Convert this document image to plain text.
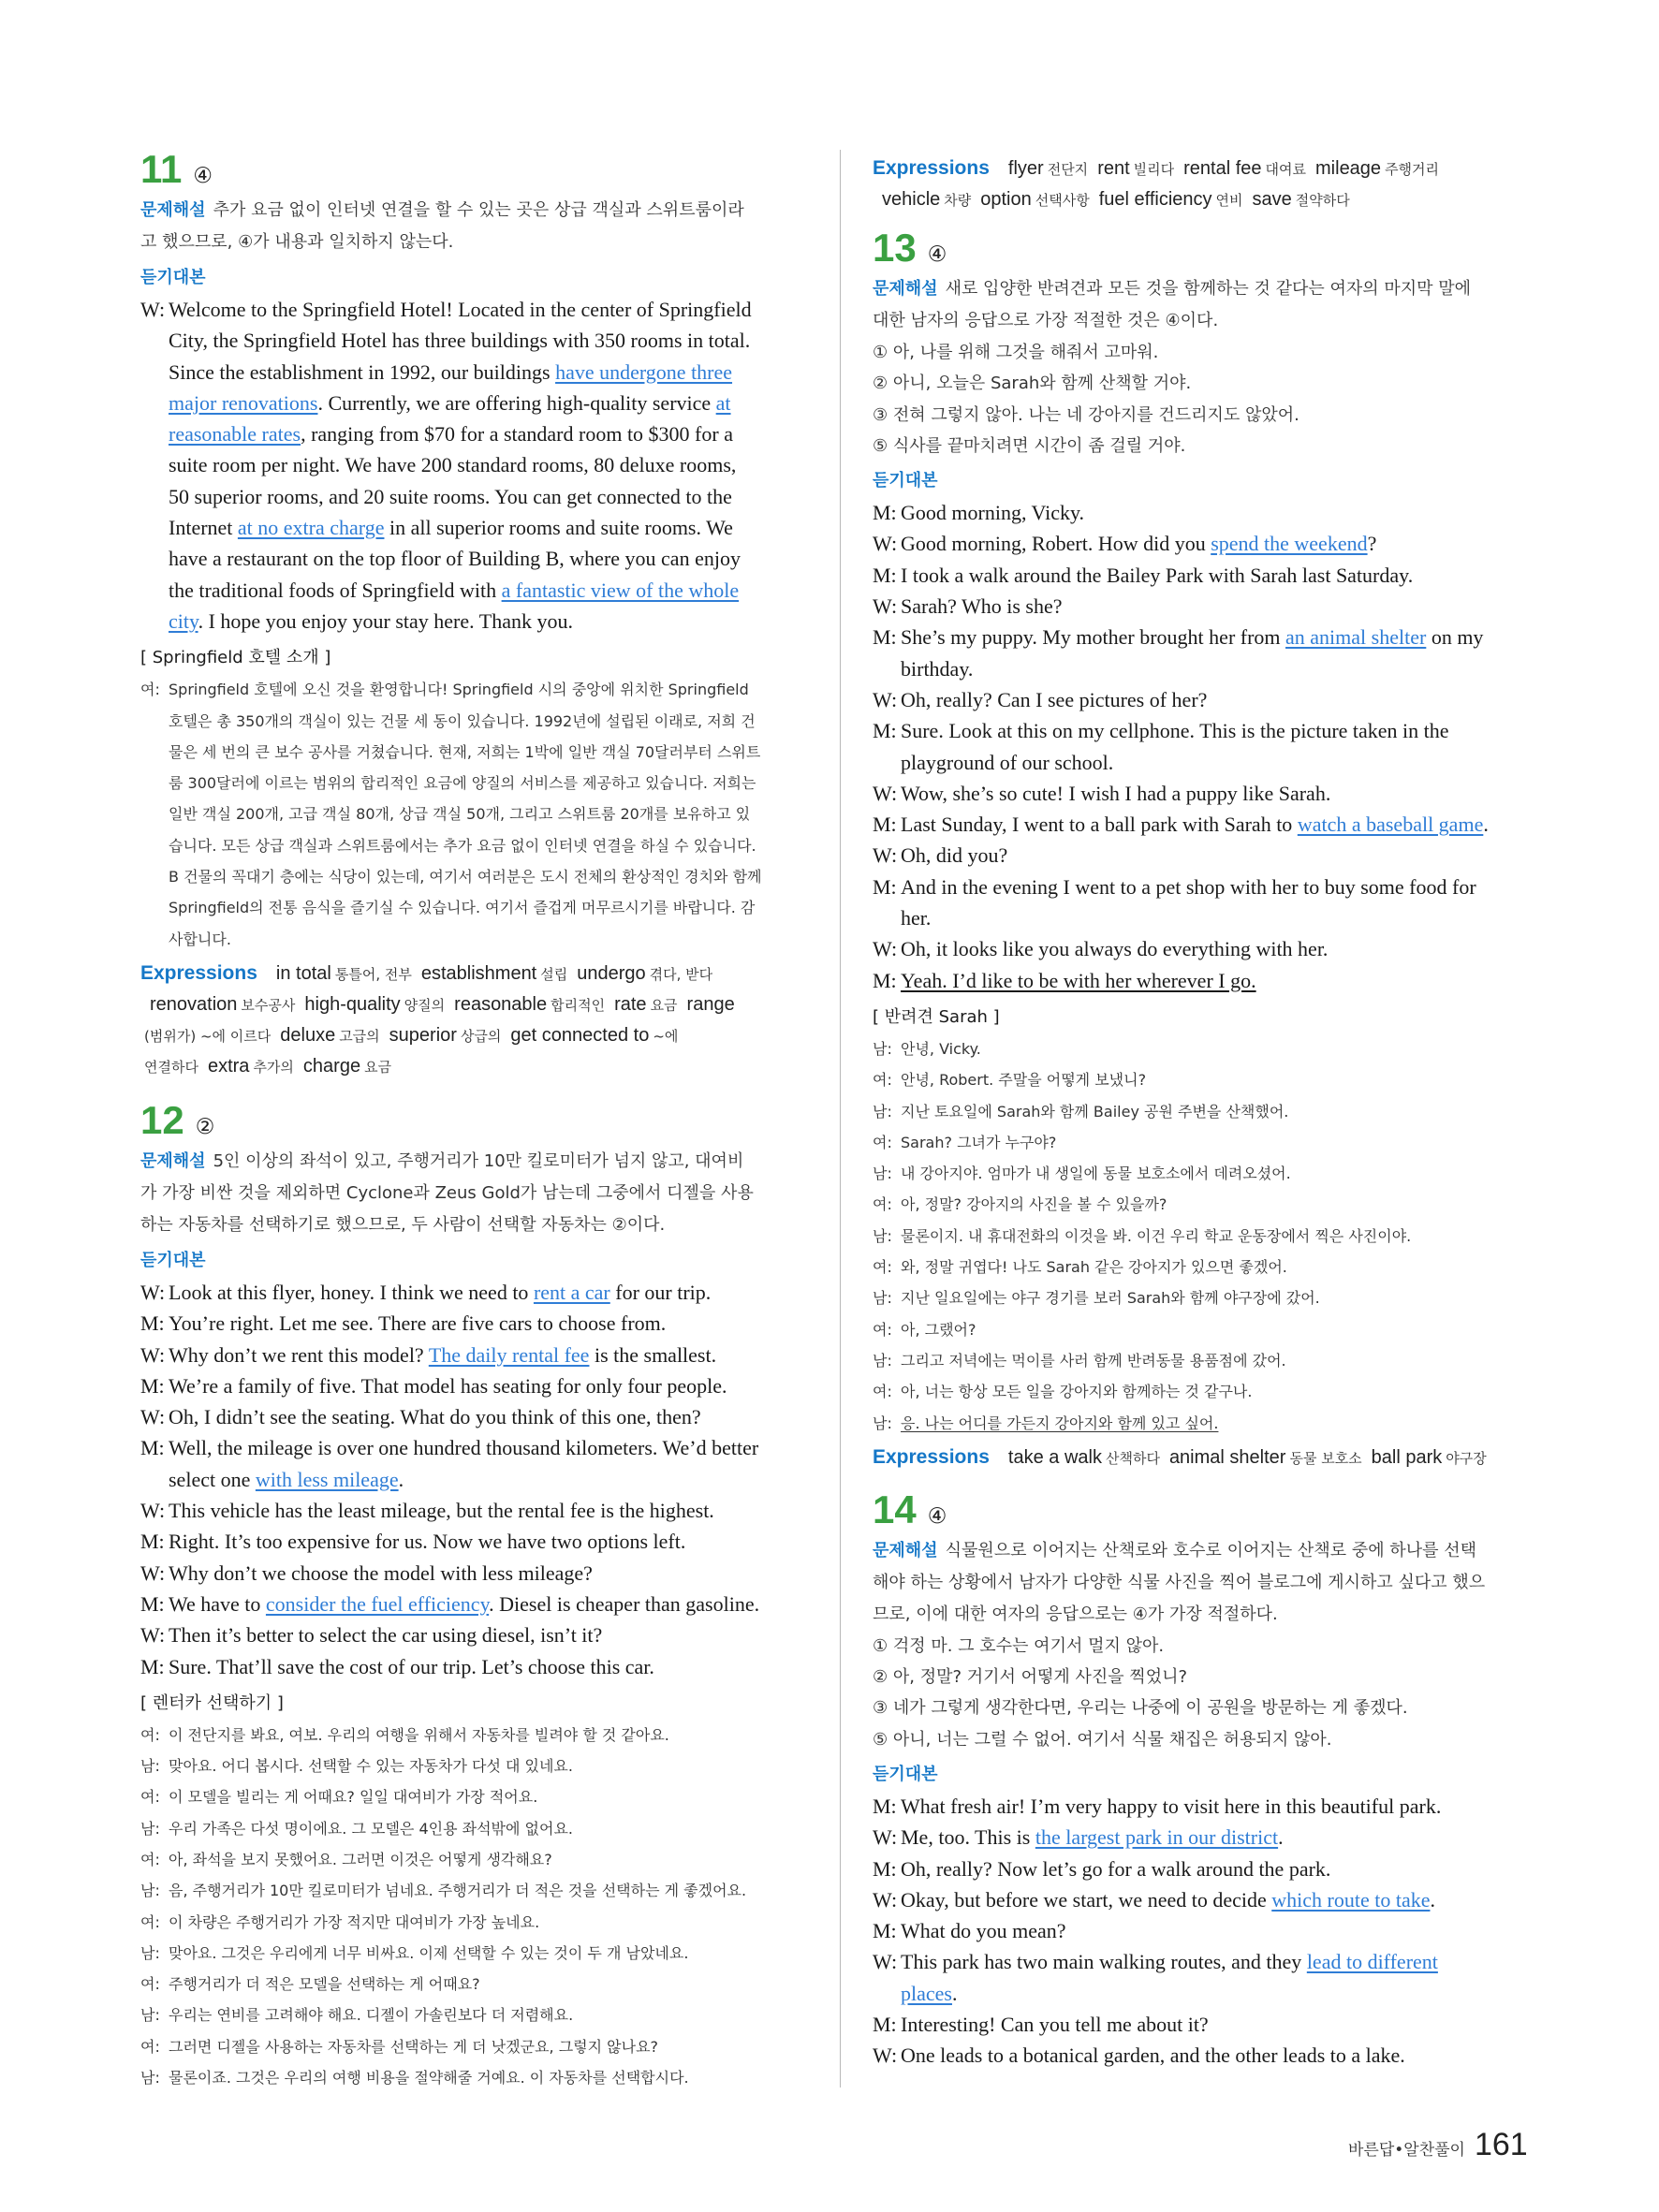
11 ④

문제해설 추가 요금 없이 인터넷 연결을 할 수 있는 곳은 상급 객실과 스위트룸이라

고 했으므로, ④가 내용과 일치하지 않는다.

듣기대본
W: Welcome to the Springfield Hotel! Located in the center of Springfield
City, the Springfield Hotel has three buildings with 350 rooms in total.
Since the establishment in 1992, our buildings have undergone three
major renovations. Currently, we are offering high-quality service at
reasonable rates, ranging from $70 for a standard room to $300 for a
suite room per night. We have 200 standard rooms, 80 deluxe rooms,
50 superior rooms, and 20 suite rooms. You can get connected to the
Internet at no extra charge in all superior rooms and suite rooms. We
have a restaurant on the top floor of Building B, where you can enjoy
the traditional foods of Springfield with a fantastic view of the whole
city. I hope you enjoy your stay here. Thank you.
[ Springfield 호텔 소개 ]
여: Springfield 호텔에 오신 것을 환영합니다! Springfield 시의 중앙에 위치한 Springfield
호텔은 총 350개의 객실이 있는 건물 세 동이 있습니다. 1992년에 설립된 이래로, 저희 건
물은 세 번의 큰 보수 공사를 거쳤습니다. 현재, 저희는 1박에 일반 객실 70달러부터 스위트
룸 300달러에 이르는 범위의 합리적인 요금에 양질의 서비스를 제공하고 있습니다. 저희는
일반 객실 200개, 고급 객실 80개, 상급 객실 50개, 그리고 스위트룸 20개를 보유하고 있
습니다. 모든 상급 객실과 스위트룸에서는 추가 요금 없이 인터넷 연결을 하실 수 있습니다.
B 건물의 꼭대기 층에는 식당이 있는데, 여기서 여러분은 도시 전체의 환상적인 경치와 함께
Springfield의 전통 음식을 즐기실 수 있습니다. 여기서 즐겁게 머무르시기를 바랍니다. 감
사합니다.
Expressions in total 통틀어, 전부 establishment 설립 undergo 겪다, 받다
renovation 보수공사 high-quality 양질의 reasonable 합리적인 rate 요금 range
(범위가) ~에 이르다 deluxe 고급의 superior 상급의 get connected to ~에
연결하다 extra 추가의 charge 요금
12 ②

문제해설 5인 이상의 좌석이 있고, 주행거리가 10만 킬로미터가 넘지 않고, 대여비

가 가장 비싼 것을 제외하면 Cyclone과 Zeus Gold가 남는데 그중에서 디젤을 사용

하는 자동차를 선택하기로 했으므로, 두 사람이 선택할 자동차는 ②이다.

듣기대본
W: Look at this flyer, honey. I think we need to rent a car for our trip.
M: You’re right. Let me see. There are five cars to choose from.
W: Why don’t we rent this model? The daily rental fee is the smallest.
M: We’re a family of five. That model has seating for only four people.
W: Oh, I didn’t see the seating. What do you think of this one, then?
M: Well, the mileage is over one hundred thousand kilometers. We’d better
select one with less mileage.
W: This vehicle has the least mileage, but the rental fee is the highest.
M: Right. It’s too expensive for us. Now we have two options left.
W: Why don’t we choose the model with less mileage?
M: We have to consider the fuel efficiency. Diesel is cheaper than gasoline.
W: Then it’s better to select the car using diesel, isn’t it?
M: Sure. That’ll save the cost of our trip. Let’s choose this car.
[ 렌터카 선택하기 ]
여: 이 전단지를 봐요, 여보. 우리의 여행을 위해서 자동차를 빌려야 할 것 같아요.
남: 맞아요. 어디 봅시다. 선택할 수 있는 자동차가 다섯 대 있네요.
여: 이 모델을 빌리는 게 어때요? 일일 대여비가 가장 적어요.
남: 우리 가족은 다섯 명이에요. 그 모델은 4인용 좌석밖에 없어요.
여: 아, 좌석을 보지 못했어요. 그러면 이것은 어떻게 생각해요?
남: 음, 주행거리가 10만 킬로미터가 넘네요. 주행거리가 더 적은 것을 선택하는 게 좋겠어요.
여: 이 차량은 주행거리가 가장 적지만 대여비가 가장 높네요.
남: 맞아요. 그것은 우리에게 너무 비싸요. 이제 선택할 수 있는 것이 두 개 남았네요.
여: 주행거리가 더 적은 모델을 선택하는 게 어때요?
남: 우리는 연비를 고려해야 해요. 디젤이 가솔린보다 더 저렴해요.
여: 그러면 디젤을 사용하는 자동차를 선택하는 게 더 낫겠군요, 그렇지 않나요?
남: 물론이죠. 그것은 우리의 여행 비용을 절약해줄 거예요. 이 자동차를 선택합시다.
Expressions flyer 전단지 rent 빌리다 rental fee 대여료 mileage 주행거리
vehicle 차량 option 선택사항 fuel efficiency 연비 save 절약하다
13 ④

문제해설 새로 입양한 반려견과 모든 것을 함께하는 것 같다는 여자의 마지막 말에

대한 남자의 응답으로 가장 적절한 것은 ④이다.

① 아, 나를 위해 그것을 해줘서 고마워.
② 아니, 오늘은 Sarah와 함께 산책할 거야.
③ 전혀 그렇지 않아. 나는 네 강아지를 건드리지도 않았어.
⑤ 식사를 끝마치려면 시간이 좀 걸릴 거야.
듣기대본
M: Good morning, Vicky.
W: Good morning, Robert. How did you spend the weekend?
M: I took a walk around the Bailey Park with Sarah last Saturday.
W: Sarah? Who is she?
M: She’s my puppy. My mother brought her from an animal shelter on my
birthday.
W: Oh, really? Can I see pictures of her?
M: Sure. Look at this on my cellphone. This is the picture taken in the
playground of our school.
W: Wow, she’s so cute! I wish I had a puppy like Sarah.
M: Last Sunday, I went to a ball park with Sarah to watch a baseball game.
W: Oh, did you?
M: And in the evening I went to a pet shop with her to buy some food for
her.
W: Oh, it looks like you always do everything with her.
M: Yeah. I’d like to be with her wherever I go.
[ 반려견 Sarah ]
남: 안녕, Vicky.
여: 안녕, Robert. 주말을 어떻게 보냈니?
남: 지난 토요일에 Sarah와 함께 Bailey 공원 주변을 산책했어.
여: Sarah? 그녀가 누구야?
남: 내 강아지야. 엄마가 내 생일에 동물 보호소에서 데려오셨어.
여: 아, 정말? 강아지의 사진을 볼 수 있을까?
남: 물론이지. 내 휴대전화의 이것을 봐. 이건 우리 학교 운동장에서 찍은 사진이야.
여: 와, 정말 귀엽다! 나도 Sarah 같은 강아지가 있으면 좋겠어.
남: 지난 일요일에는 야구 경기를 보러 Sarah와 함께 야구장에 갔어.
여: 아, 그랬어?
남: 그리고 저녁에는 먹이를 사러 함께 반려동물 용품점에 갔어.
여: 아, 너는 항상 모든 일을 강아지와 함께하는 것 같구나.
남: 응. 나는 어디를 가든지 강아지와 함께 있고 싶어.
Expressions take a walk 산책하다 animal shelter 동물 보호소 ball park 야구장
14 ④

문제해설 식물원으로 이어지는 산책로와 호수로 이어지는 산책로 중에 하나를 선택

해야 하는 상황에서 남자가 다양한 식물 사진을 찍어 블로그에 게시하고 싶다고 했으

므로, 이에 대한 여자의 응답으로는 ④가 가장 적절하다.

① 걱정 마. 그 호수는 여기서 멀지 않아.
② 아, 정말? 거기서 어떻게 사진을 찍었니?
③ 네가 그렇게 생각한다면, 우리는 나중에 이 공원을 방문하는 게 좋겠다.
⑤ 아니, 너는 그럴 수 없어. 여기서 식물 채집은 허용되지 않아.
듣기대본
M: What fresh air! I’m very happy to visit here in this beautiful park.
W: Me, too. This is the largest park in our district.
M: Oh, really? Now let’s go for a walk around the park.
W: Okay, but before we start, we need to decide which route to take.
M: What do you mean?
W: This park has two main walking routes, and they lead to different
places.
M: Interesting! Can you tell me about it?
W: One leads to a botanical garden, and the other leads to a lake.
바른답•알찬풀이 161
